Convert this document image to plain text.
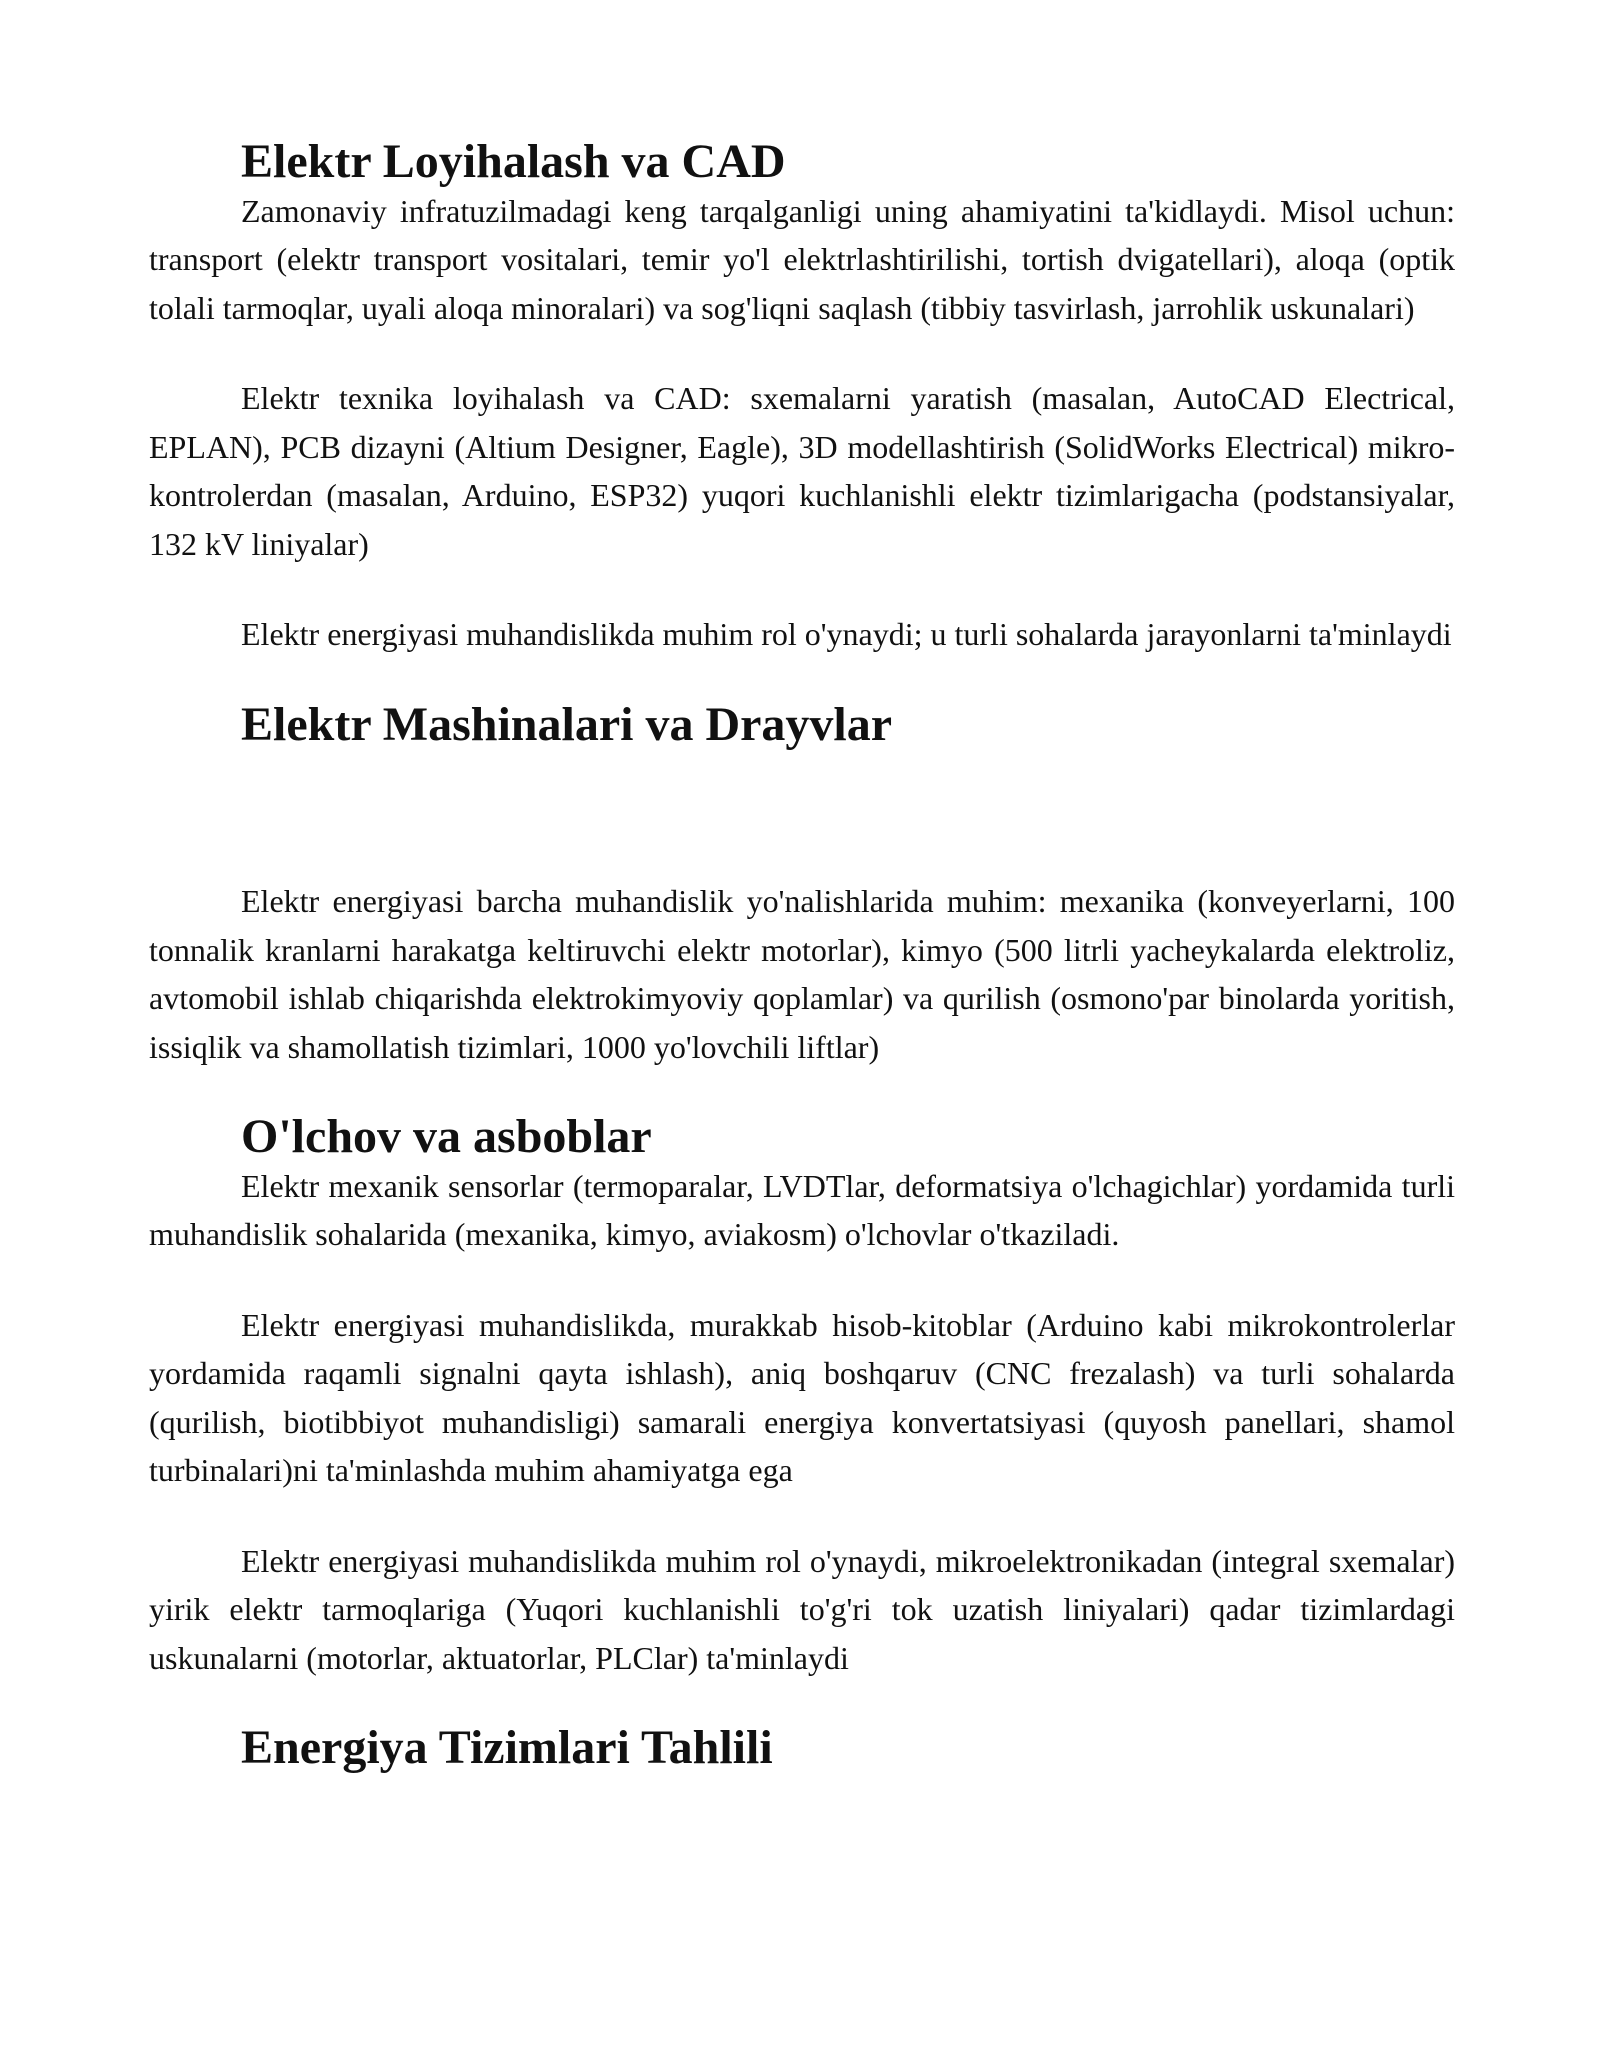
Elektr Loyihalash va CAD

Zamonaviy infratuzilmadagi keng tarqalganligi uning ahamiyatini ta'kidlaydi. Misol uchun: transport (elektr transport vositalari, temir yo'l elektrlashtirilishi, tortish dvigatellari), aloqa (optik tolali tarmoqlar, uyali aloqa minoralari) va sog'liqni saqlash (tibbiy tasvirlash, jarrohlik uskunalari)

Elektr texnika loyihalash va CAD: sxemalarni yaratish (masalan, AutoCAD Electrical, EPLAN), PCB dizayni (Altium Designer, Eagle), 3D modellashtirish (SolidWorks Electrical) mikro-kontrolerdan (masalan, Arduino, ESP32) yuqori kuchlanishli elektr tizimlarigacha (podstansiyalar, 132 kV liniyalar)

Elektr energiyasi muhandislikda muhim rol o'ynaydi; u turli sohalarda jarayonlarni ta'minlaydi

Elektr Mashinalari va Drayvlar

Elektr energiyasi barcha muhandislik yo'nalishlarida muhim: mexanika (konveyerlarni, 100 tonnalik kranlarni harakatga keltiruvchi elektr motorlar), kimyo (500 litrli yacheykalarda elektroliz, avtomobil ishlab chiqarishda elektrokimyoviy qoplamlar) va qurilish (osmono'par binolarda yoritish, issiqlik va shamollatish tizimlari, 1000 yo'lovchili liftlar)

O'lchov va asboblar

Elektr mexanik sensorlar (termoparalar, LVDTlar, deformatsiya o'lchagichlar) yordamida turli muhandislik sohalarida (mexanika, kimyo, aviakosm) o'lchovlar o'tkaziladi.

Elektr energiyasi muhandislikda, murakkab hisob-kitoblar (Arduino kabi mikrokontrolerlar yordamida raqamli signalni qayta ishlash), aniq boshqaruv (CNC frezalash) va turli sohalarda (qurilish, biotibbiyot muhandisligi) samarali energiya konvertatsiyasi (quyosh panellari, shamol turbinalari)ni ta'minlashda muhim ahamiyatga ega

Elektr energiyasi muhandislikda muhim rol o'ynaydi, mikroelektronikadan (integral sxemalar) yirik elektr tarmoqlariga (Yuqori kuchlanishli to'g'ri tok uzatish liniyalari) qadar tizimlardagi uskunalarni (motorlar, aktuatorlar, PLClar) ta'minlaydi

Energiya Tizimlari Tahlili
